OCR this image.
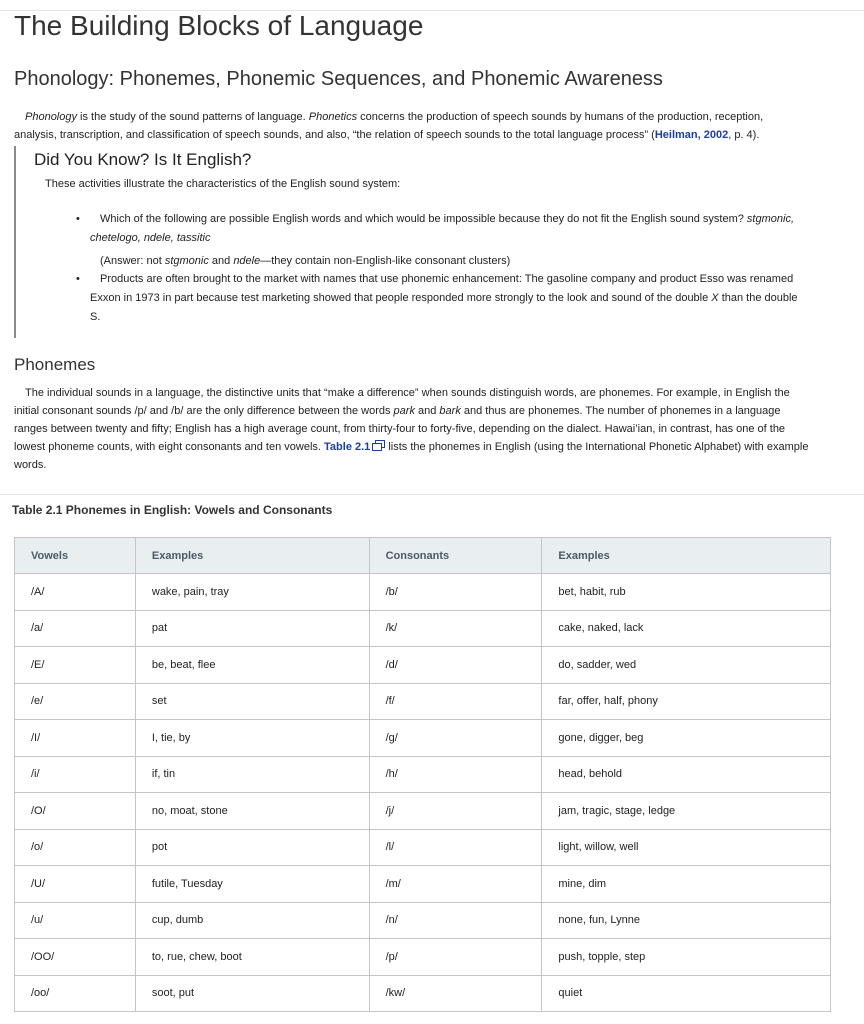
The Building Blocks of Language
Phonology: Phonemes, Phonemic Sequences, and Phonemic Awareness
Phonology is the study of the sound patterns of language. Phonetics concerns the production of speech sounds by humans of the production, reception,
analysis, transcription, and classification of speech sounds, and also, “the relation of speech sounds to the total language process” (Heilman, 2002, p. 4).
Did You Know? Is It English?
These activities illustrate the characteristics of the English sound system:
• Which of the following are possible English words and which would be impossible because they do not fit the English sound system? stgmonic,
chetelogo, ndele, tassitic
(Answer: not stgmonic and ndele—they contain non-English-like consonant clusters)
• Products are often brought to the market with names that use phonemic enhancement: The gasoline company and product Esso was renamed
Exxon in 1973 in part because test marketing showed that people responded more strongly to the look and sound of the double X than the double
S.
Phonemes
The individual sounds in a language, the distinctive units that “make a difference” when sounds distinguish words, are phonemes. For example, in English the
initial consonant sounds /p/ and /b/ are the only difference between the words park and bark and thus are phonemes. The number of phonemes in a language
ranges between twenty and fifty; English has a high average count, from thirty-four to forty-five, depending on the dialect. Hawai’ian, in contrast, has one of the
lowest phoneme counts, with eight consonants and ten vowels. Table 2.1 lists the phonemes in English (using the International Phonetic Alphabet) with example
words.
Table 2.1 Phonemes in English: Vowels and Consonants
Vowels	Examples	Consonants	Examples
/A/	wake, pain, tray	/b/	bet, habit, rub
/a/	pat	/k/	cake, naked, lack
/E/	be, beat, flee	/d/	do, sadder, wed
/e/	set	/f/	far, offer, half, phony
/I/	I, tie, by	/g/	gone, digger, beg
/i/	if, tin	/h/	head, behold
/O/	no, moat, stone	/j/	jam, tragic, stage, ledge
/o/	pot	/l/	light, willow, well
/U/	futile, Tuesday	/m/	mine, dim
/u/	cup, dumb	/n/	none, fun, Lynne
/OO/	to, rue, chew, boot	/p/	push, topple, step
/oo/	soot, put	/kw/	quiet
